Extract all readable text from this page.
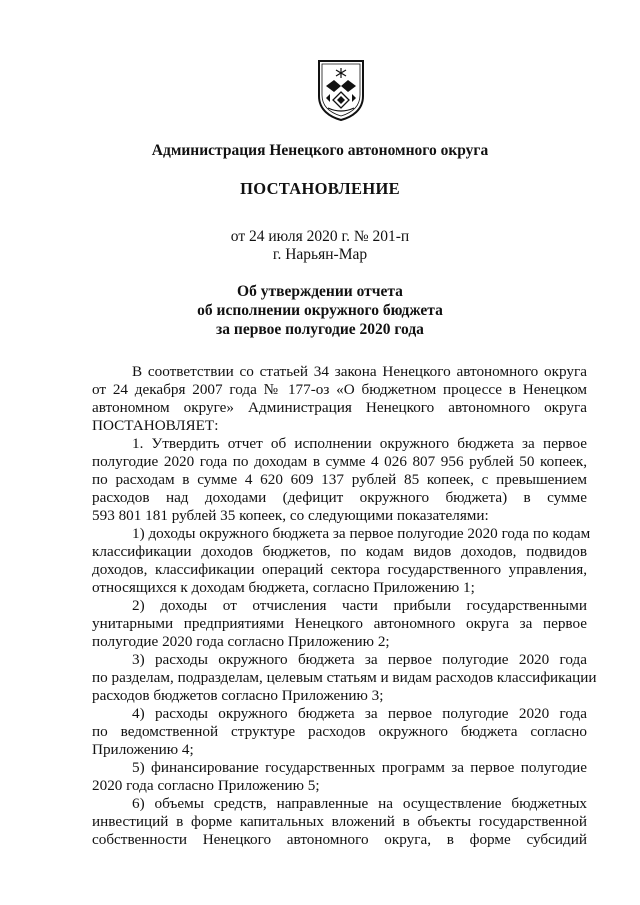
Администрация Ненецкого автономного округа
ПОСТАНОВЛЕНИЕ
от 24 июля 2020 г. № 201-п
г. Нарьян-Мар
Об утверждении отчета
об исполнении окружного бюджета
за первое полугодие 2020 года
В соответствии со статьей 34 закона Ненецкого автономного округа
от 24 декабря 2007 года № 177-оз «О бюджетном процессе в Ненецком
автономном округе» Администрация Ненецкого автономного округа
ПОСТАНОВЛЯЕТ:
1. Утвердить отчет об исполнении окружного бюджета за первое
полугодие 2020 года по доходам в сумме 4 026 807 956 рублей 50 копеек,
по расходам в сумме 4 620 609 137 рублей 85 копеек, с превышением
расходов над доходами (дефицит окружного бюджета) в сумме
593 801 181 рублей 35 копеек, со следующими показателями:
1) доходы окружного бюджета за первое полугодие 2020 года по кодам
классификации доходов бюджетов, по кодам видов доходов, подвидов
доходов, классификации операций сектора государственного управления,
относящихся к доходам бюджета, согласно Приложению 1;
2) доходы от отчисления части прибыли государственными
унитарными предприятиями Ненецкого автономного округа за первое
полугодие 2020 года согласно Приложению 2;
3) расходы окружного бюджета за первое полугодие 2020 года
по разделам, подразделам, целевым статьям и видам расходов классификации
расходов бюджетов согласно Приложению 3;
4) расходы окружного бюджета за первое полугодие 2020 года
по ведомственной структуре расходов окружного бюджета согласно
Приложению 4;
5) финансирование государственных программ за первое полугодие
2020 года согласно Приложению 5;
6) объемы средств, направленные на осуществление бюджетных
инвестиций в форме капитальных вложений в объекты государственной
собственности Ненецкого автономного округа, в форме субсидий
